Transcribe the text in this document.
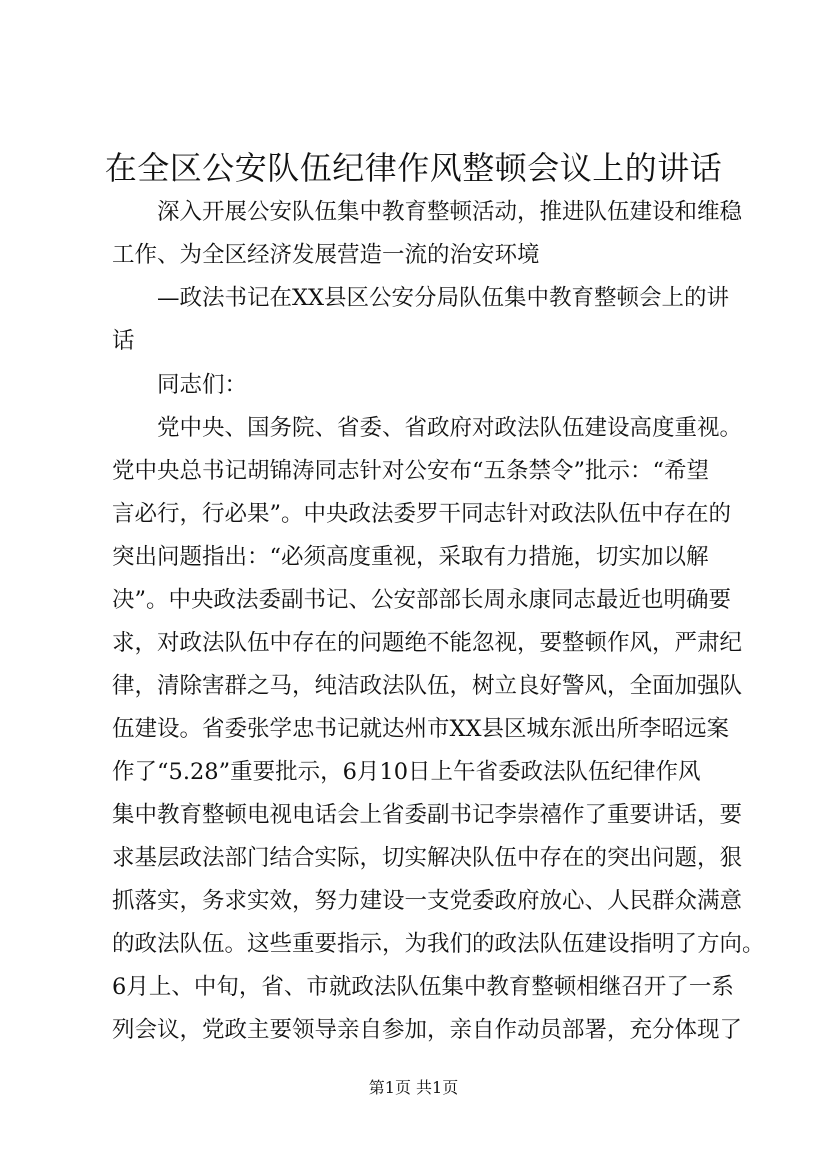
在全区公安队伍纪律作风整顿会议上的讲话

　　深入开展公安队伍集中教育整顿活动，推进队伍建设和维稳

工作、为全区经济发展营造一流的治安环境

　　—政法书记在XX县区公安分局队伍集中教育整顿会上的讲

话

　　同志们：

　　党中央、国务院、省委、省政府对政法队伍建设高度重视。

党中央总书记胡锦涛同志针对公安布“五条禁令”批示：“希望

言必行，行必果”。中央政法委罗干同志针对政法队伍中存在的

突出问题指出：“必须高度重视，采取有力措施，切实加以解

决”。中央政法委副书记、公安部部长周永康同志最近也明确要

求，对政法队伍中存在的问题绝不能忽视，要整顿作风，严肃纪

律，清除害群之马，纯洁政法队伍，树立良好警风，全面加强队

伍建设。省委张学忠书记就达州市XX县区城东派出所李昭远案

作了“5.28”重要批示，6月10日上午省委政法队伍纪律作风

集中教育整顿电视电话会上省委副书记李崇禧作了重要讲话，要

求基层政法部门结合实际，切实解决队伍中存在的突出问题，狠

抓落实，务求实效，努力建设一支党委政府放心、人民群众满意

的政法队伍。这些重要指示，为我们的政法队伍建设指明了方向。

6月上、中旬，省、市就政法队伍集中教育整顿相继召开了一系

列会议，党政主要领导亲自参加，亲自作动员部署，充分体现了

第1页 共1页
